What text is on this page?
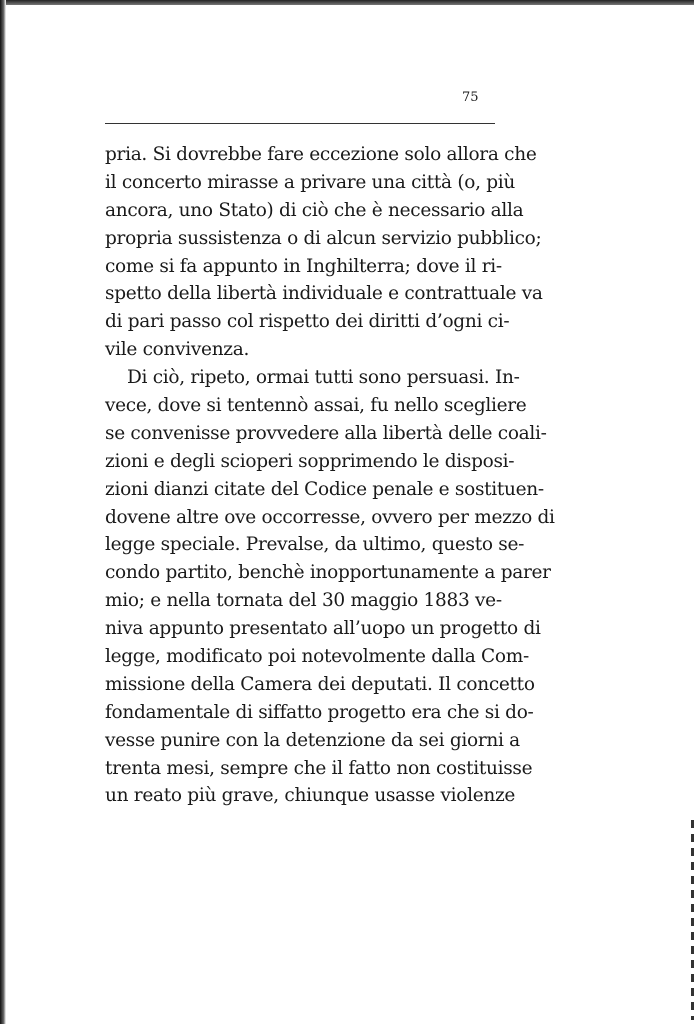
75
pria. Si dovrebbe fare eccezione solo allora che
il concerto mirasse a privare una città (o, più
ancora, uno Stato) di ciò che è necessario alla
propria sussistenza o di alcun servizio pubblico;
come si fa appunto in Inghilterra; dove il ri-
spetto della libertà individuale e contrattuale va
di pari passo col rispetto dei diritti d’ogni ci-
vile convivenza.
Di ciò, ripeto, ormai tutti sono persuasi. In-
vece, dove si tentennò assai, fu nello scegliere
se convenisse provvedere alla libertà delle coali-
zioni e degli scioperi sopprimendo le disposi-
zioni dianzi citate del Codice penale e sostituen-
dovene altre ove occorresse, ovvero per mezzo di
legge speciale. Prevalse, da ultimo, questo se-
condo partito, benchè inopportunamente a parer
mio; e nella tornata del 30 maggio 1883 ve-
niva appunto presentato all’uopo un progetto di
legge, modificato poi notevolmente dalla Com-
missione della Camera dei deputati. Il concetto
fondamentale di siffatto progetto era che si do-
vesse punire con la detenzione da sei giorni a
trenta mesi, sempre che il fatto non costituisse
un reato più grave, chiunque usasse violenze
